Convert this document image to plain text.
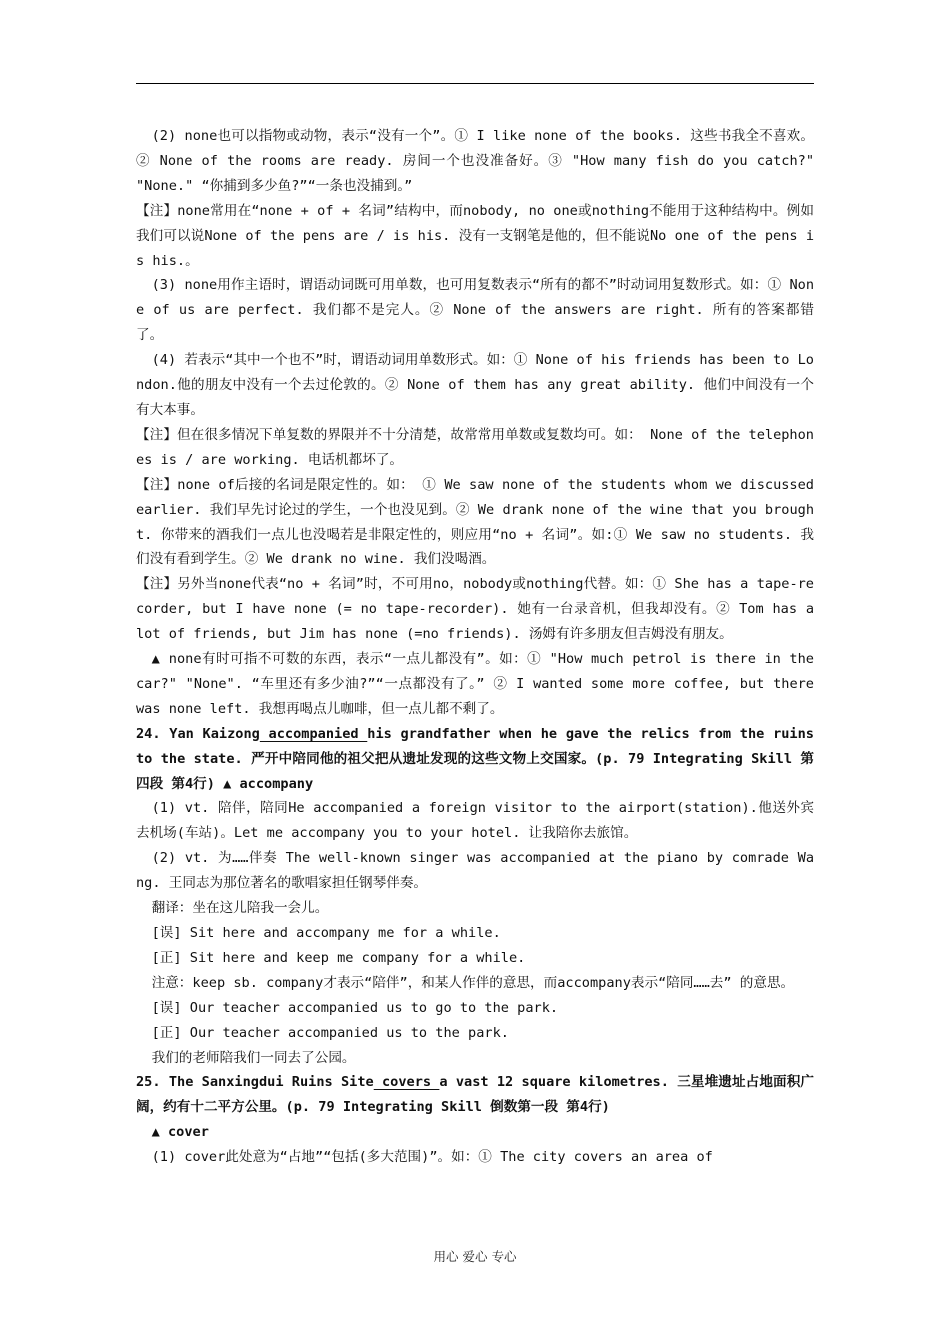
(2) none也可以指物或动物，表示“没有一个”。① I like none of the books. 这些书我全不喜欢。② None of the rooms are ready. 房间一个也没准备好。③ "How many fish do you catch?" "None." “你捕到多少鱼?”“一条也没捕到。”

【注】none常用在“none + of + 名词”结构中，而nobody, no one或nothing不能用于这种结构中。例如我们可以说None of the pens are / is his. 没有一支钢笔是他的，但不能说No one of the pens is his.。

(3) none用作主语时，谓语动词既可用单数，也可用复数表示“所有的都不”时动词用复数形式。如：① None of us are perfect. 我们都不是完人。② None of the answers are right. 所有的答案都错了。

(4) 若表示“其中一个也不”时，谓语动词用单数形式。如：① None of his friends has been to London.他的朋友中没有一个去过伦敦的。② None of them has any great ability. 他们中间没有一个有大本事。

【注】但在很多情况下单复数的界限并不十分清楚，故常常用单数或复数均可。如： None of the telephones is / are working. 电话机都坏了。

【注】none of后接的名词是限定性的。如： ① We saw none of the students whom we discussed earlier. 我们早先讨论过的学生，一个也没见到。② We drank none of the wine that you brought. 你带来的酒我们一点儿也没喝若是非限定性的，则应用“no + 名词”。如:① We saw no students. 我们没有看到学生。② We drank no wine. 我们没喝酒。

【注】另外当none代表“no + 名词”时，不可用no，nobody或nothing代替。如：① She has a tape-recorder, but I have none (= no tape-recorder). 她有一台录音机，但我却没有。② Tom has a lot of friends, but Jim has none (=no friends). 汤姆有许多朋友但吉姆没有朋友。

▲ none有时可指不可数的东西，表示“一点儿都没有”。如：① "How much petrol is there in the car?" "None". “车里还有多少油?”“一点都没有了。” ② I wanted some more coffee, but there was none left. 我想再喝点儿咖啡，但一点儿都不剩了。

24. Yan Kaizong accompanied his grandfather when he gave the relics from the ruins to the state. 严开中陪同他的祖父把从遗址发现的这些文物上交国家。(p. 79 Integrating Skill 第四段 第4行) ▲ accompany

(1) vt. 陪伴，陪同He accompanied a foreign visitor to the airport(station).他送外宾去机场(车站)。Let me accompany you to your hotel. 让我陪你去旅馆。

(2) vt. 为……伴奏 The well-known singer was accompanied at the piano by comrade Wang. 王同志为那位著名的歌唱家担任钢琴伴奏。

翻译：坐在这儿陪我一会儿。

[误] Sit here and accompany me for a while.

[正] Sit here and keep me company for a while.

注意：keep sb. company才表示“陪伴”，和某人作伴的意思，而accompany表示“陪同……去” 的意思。

[误] Our teacher accompanied us to go to the park.

[正] Our teacher accompanied us to the park.

我们的老师陪我们一同去了公园。

25. The Sanxingdui Ruins Site covers a vast 12 square kilometres. 三星堆遗址占地面积广阔，约有十二平方公里。(p. 79 Integrating Skill 倒数第一段 第4行)

▲ cover

(1) cover此处意为“占地”“包括(多大范围)”。如：① The city covers an area of

用心 爱心 专心
